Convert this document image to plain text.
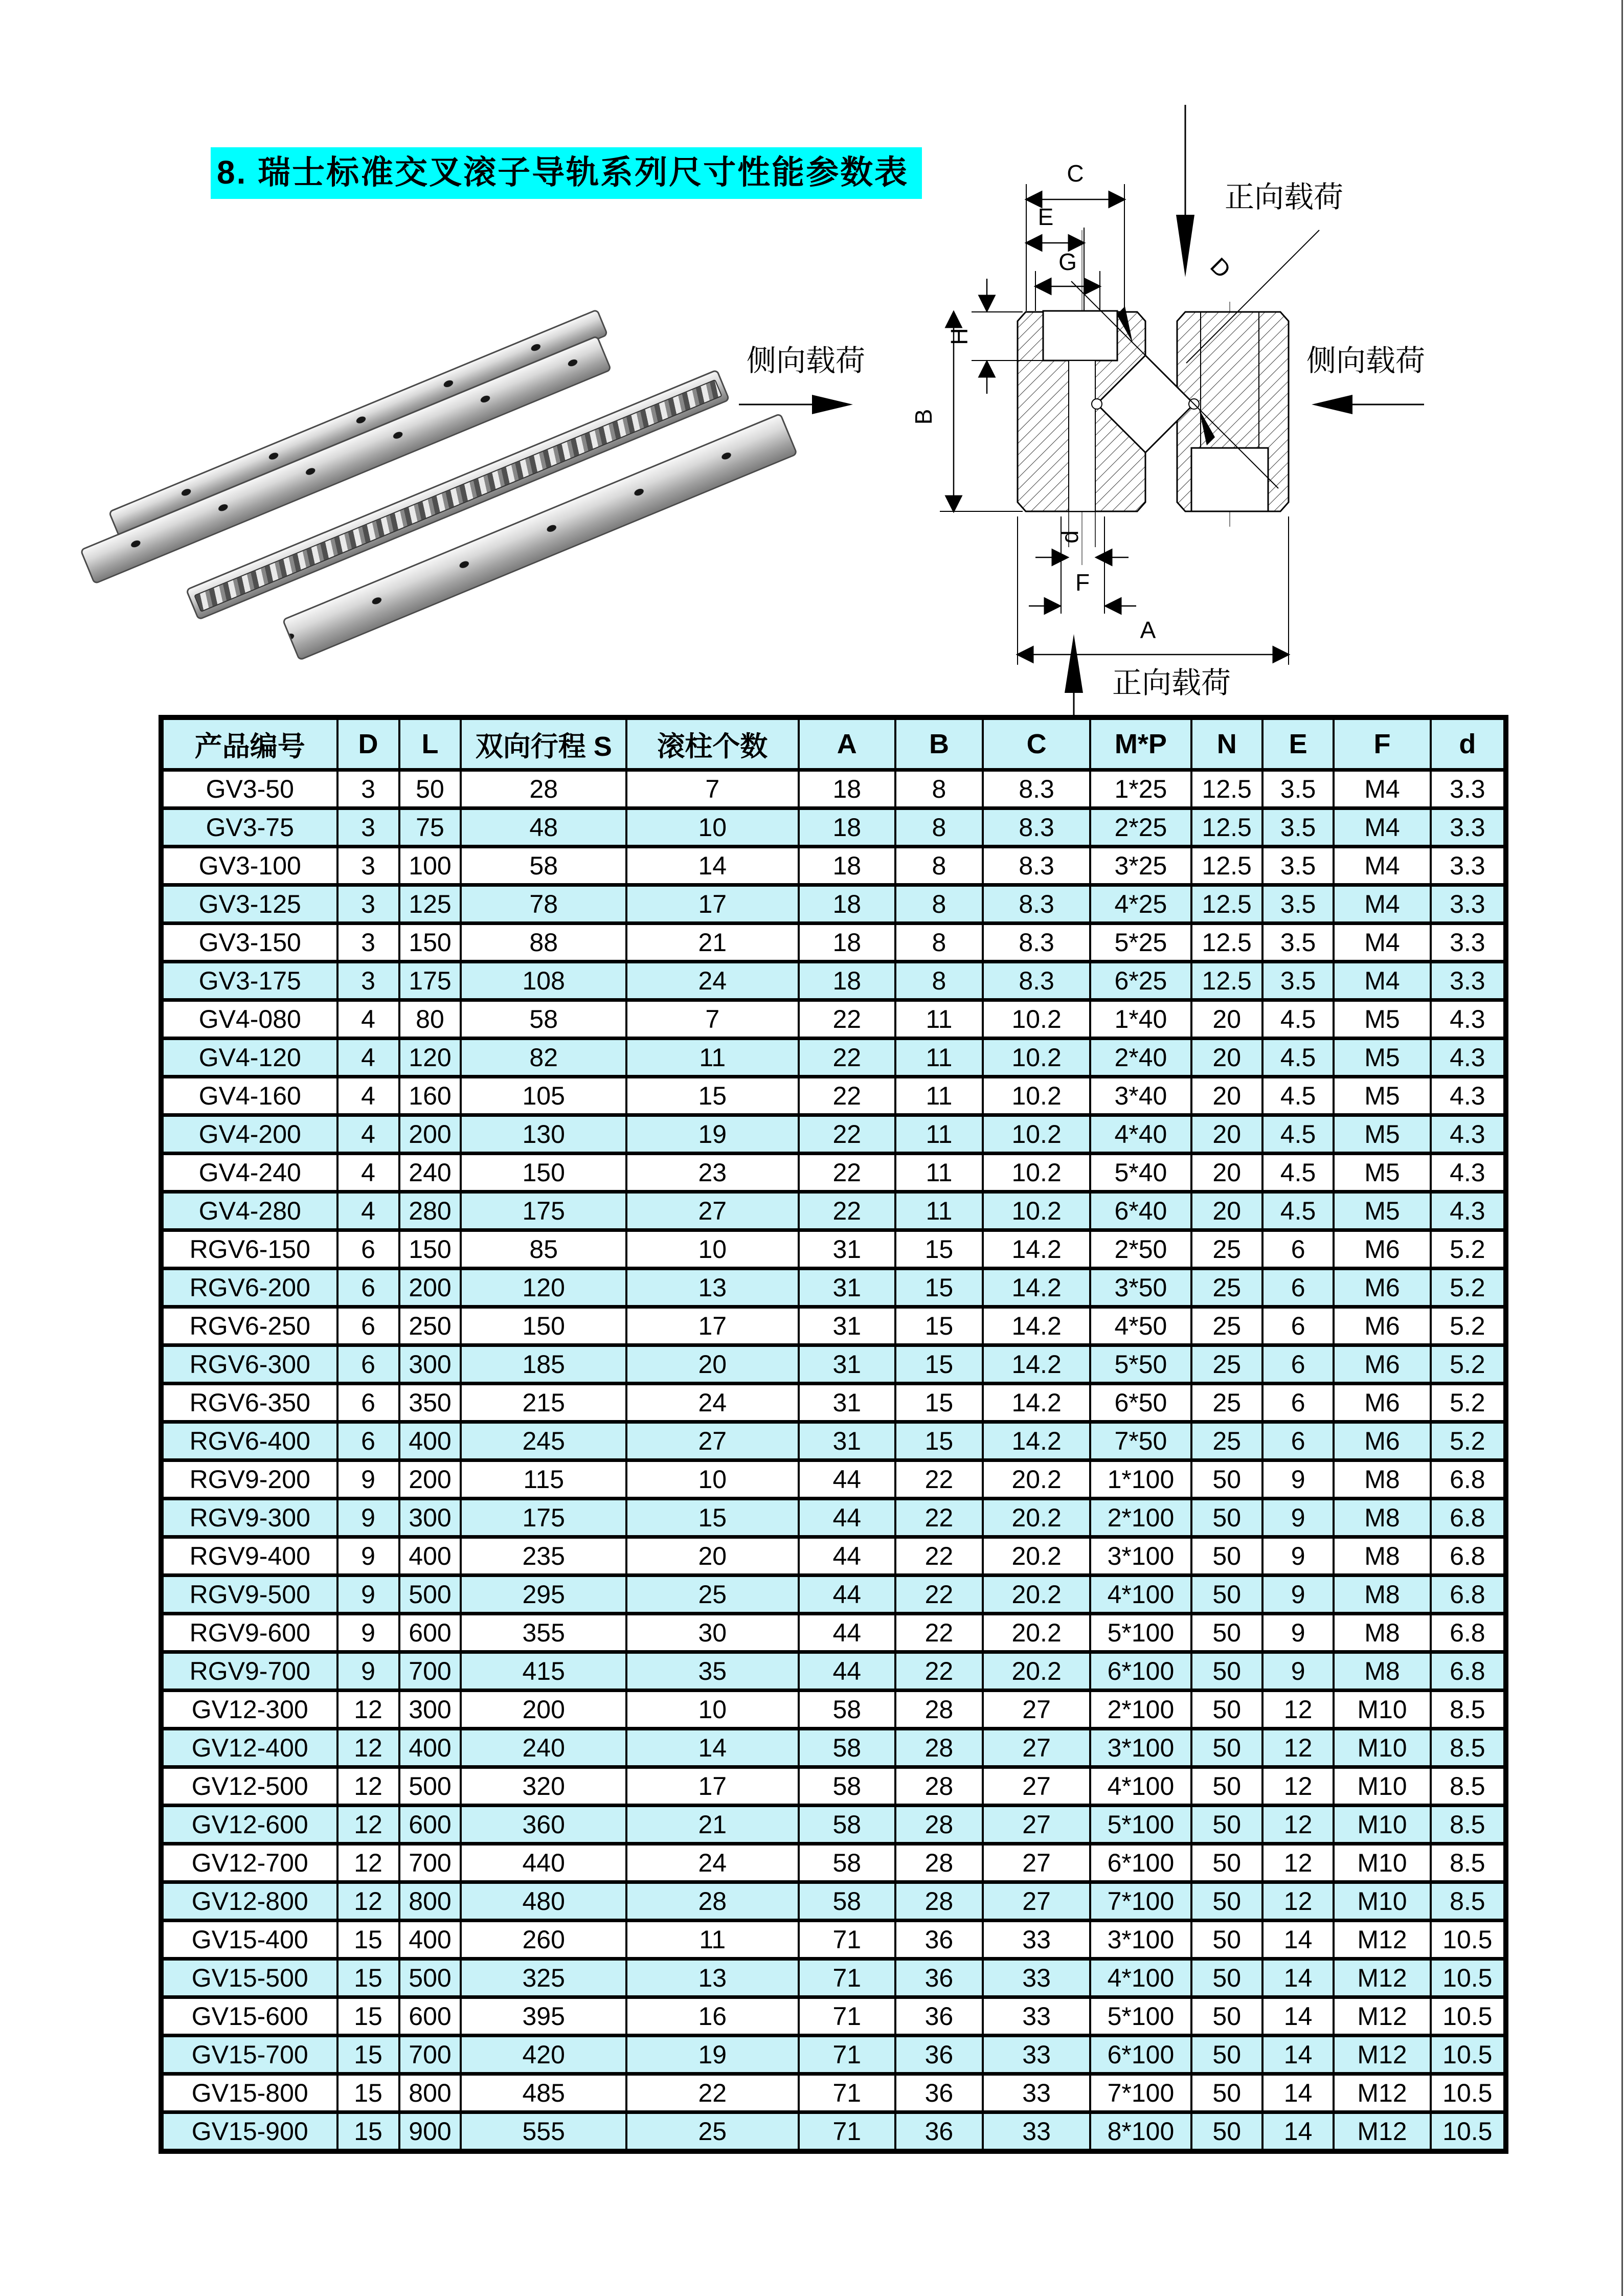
8. 瑞士标准交叉滚子导轨系列尺寸性能参数表
正向载荷
D
C
E
G
H
B
d
F
A
侧向载荷	侧向载荷
正向载荷
产品编号	D	L	双向行程 S	滚柱个数	A	B	C	M*P	N	E	F	d
GV3-50	3	50	28	7	18	8	8.3	1*25	12.5	3.5	M4	3.3
GV3-75	3	75	48	10	18	8	8.3	2*25	12.5	3.5	M4	3.3
GV3-100	3	100	58	14	18	8	8.3	3*25	12.5	3.5	M4	3.3
GV3-125	3	125	78	17	18	8	8.3	4*25	12.5	3.5	M4	3.3
GV3-150	3	150	88	21	18	8	8.3	5*25	12.5	3.5	M4	3.3
GV3-175	3	175	108	24	18	8	8.3	6*25	12.5	3.5	M4	3.3
GV4-080	4	80	58	7	22	11	10.2	1*40	20	4.5	M5	4.3
GV4-120	4	120	82	11	22	11	10.2	2*40	20	4.5	M5	4.3
GV4-160	4	160	105	15	22	11	10.2	3*40	20	4.5	M5	4.3
GV4-200	4	200	130	19	22	11	10.2	4*40	20	4.5	M5	4.3
GV4-240	4	240	150	23	22	11	10.2	5*40	20	4.5	M5	4.3
GV4-280	4	280	175	27	22	11	10.2	6*40	20	4.5	M5	4.3
RGV6-150	6	150	85	10	31	15	14.2	2*50	25	6	M6	5.2
RGV6-200	6	200	120	13	31	15	14.2	3*50	25	6	M6	5.2
RGV6-250	6	250	150	17	31	15	14.2	4*50	25	6	M6	5.2
RGV6-300	6	300	185	20	31	15	14.2	5*50	25	6	M6	5.2
RGV6-350	6	350	215	24	31	15	14.2	6*50	25	6	M6	5.2
RGV6-400	6	400	245	27	31	15	14.2	7*50	25	6	M6	5.2
RGV9-200	9	200	115	10	44	22	20.2	1*100	50	9	M8	6.8
RGV9-300	9	300	175	15	44	22	20.2	2*100	50	9	M8	6.8
RGV9-400	9	400	235	20	44	22	20.2	3*100	50	9	M8	6.8
RGV9-500	9	500	295	25	44	22	20.2	4*100	50	9	M8	6.8
RGV9-600	9	600	355	30	44	22	20.2	5*100	50	9	M8	6.8
RGV9-700	9	700	415	35	44	22	20.2	6*100	50	9	M8	6.8
GV12-300	12	300	200	10	58	28	27	2*100	50	12	M10	8.5
GV12-400	12	400	240	14	58	28	27	3*100	50	12	M10	8.5
GV12-500	12	500	320	17	58	28	27	4*100	50	12	M10	8.5
GV12-600	12	600	360	21	58	28	27	5*100	50	12	M10	8.5
GV12-700	12	700	440	24	58	28	27	6*100	50	12	M10	8.5
GV12-800	12	800	480	28	58	28	27	7*100	50	12	M10	8.5
GV15-400	15	400	260	11	71	36	33	3*100	50	14	M12	10.5
GV15-500	15	500	325	13	71	36	33	4*100	50	14	M12	10.5
GV15-600	15	600	395	16	71	36	33	5*100	50	14	M12	10.5
GV15-700	15	700	420	19	71	36	33	6*100	50	14	M12	10.5
GV15-800	15	800	485	22	71	36	33	7*100	50	14	M12	10.5
GV15-900	15	900	555	25	71	36	33	8*100	50	14	M12	10.5
